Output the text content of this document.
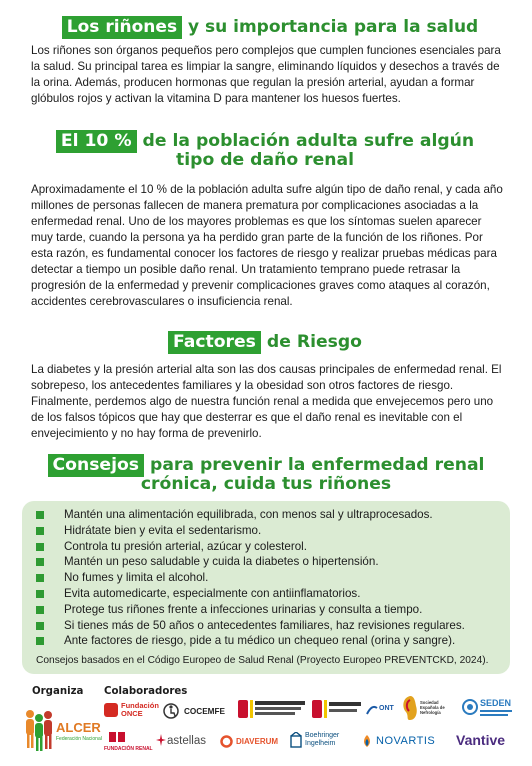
Los riñones y su importancia para la salud

Los riñones son órganos pequeños pero complejos que cumplen funciones esenciales para la salud. Su principal tarea es limpiar la sangre, eliminando líquidos y desechos a través de la orina. Además, producen hormonas que regulan la presión arterial, ayudan a formar glóbulos rojos y activan la vitamina D para mantener los huesos fuertes.

El 10 % de la población adulta sufre algún tipo de daño renal

Aproximadamente el 10 % de la población adulta sufre algún tipo de daño renal, y cada año millones de personas fallecen de manera prematura por complicaciones asociadas a la enfermedad renal. Uno de los mayores problemas es que los síntomas suelen aparecer muy tarde, cuando la persona ya ha perdido gran parte de la función de los riñones. Por esta razón, es fundamental conocer los factores de riesgo y realizar pruebas médicas para detectar a tiempo un posible daño renal. Un tratamiento temprano puede retrasar la progresión de la enfermedad y prevenir complicaciones graves como ataques al corazón, accidentes cerebrovasculares o insuficiencia renal.

Factores de Riesgo

La diabetes y la presión arterial alta son las dos causas principales de enfermedad renal. El sobrepeso, los antecedentes familiares y la obesidad son otros factores de riesgo. Finalmente, perdemos algo de nuestra función renal a medida que envejecemos pero uno de los falsos tópicos que hay que desterrar es que el daño renal es inevitable con el envejecimiento y no hay forma de prevenirlo.

Consejos para prevenir la enfermedad renal crónica, cuida tus riñones
Mantén una alimentación equilibrada, con menos sal y ultraprocesados.
Hidrátate bien y evita el sedentarismo.
Controla tu presión arterial, azúcar y colesterol.
Mantén un peso saludable y cuida la diabetes o hipertensión.
No fumes y limita el alcohol.
Evita automedicarte, especialmente con antiinflamatorios.
Protege tus riñones frente a infecciones urinarias y consulta a tiempo.
Si tienes más de 50 años o antecedentes familiares, haz revisiones regulares.
Ante factores de riesgo, pide a tu médico un chequeo renal (orina y sangre).
Consejos basados en el Código Europeo de Salud Renal (Proyecto Europeo PREVENTCKD, 2024).
Organiza Colaboradores
ALCER
Federación Nacional
Fundación ONCE	COCEMFE	ONT
Sociedad Española de Nefrología
SEDEN
FUNDACIÓN RENAL
astellas	DIAVERUM
Boehringer Ingelheim	NOVARTIS Vantive
